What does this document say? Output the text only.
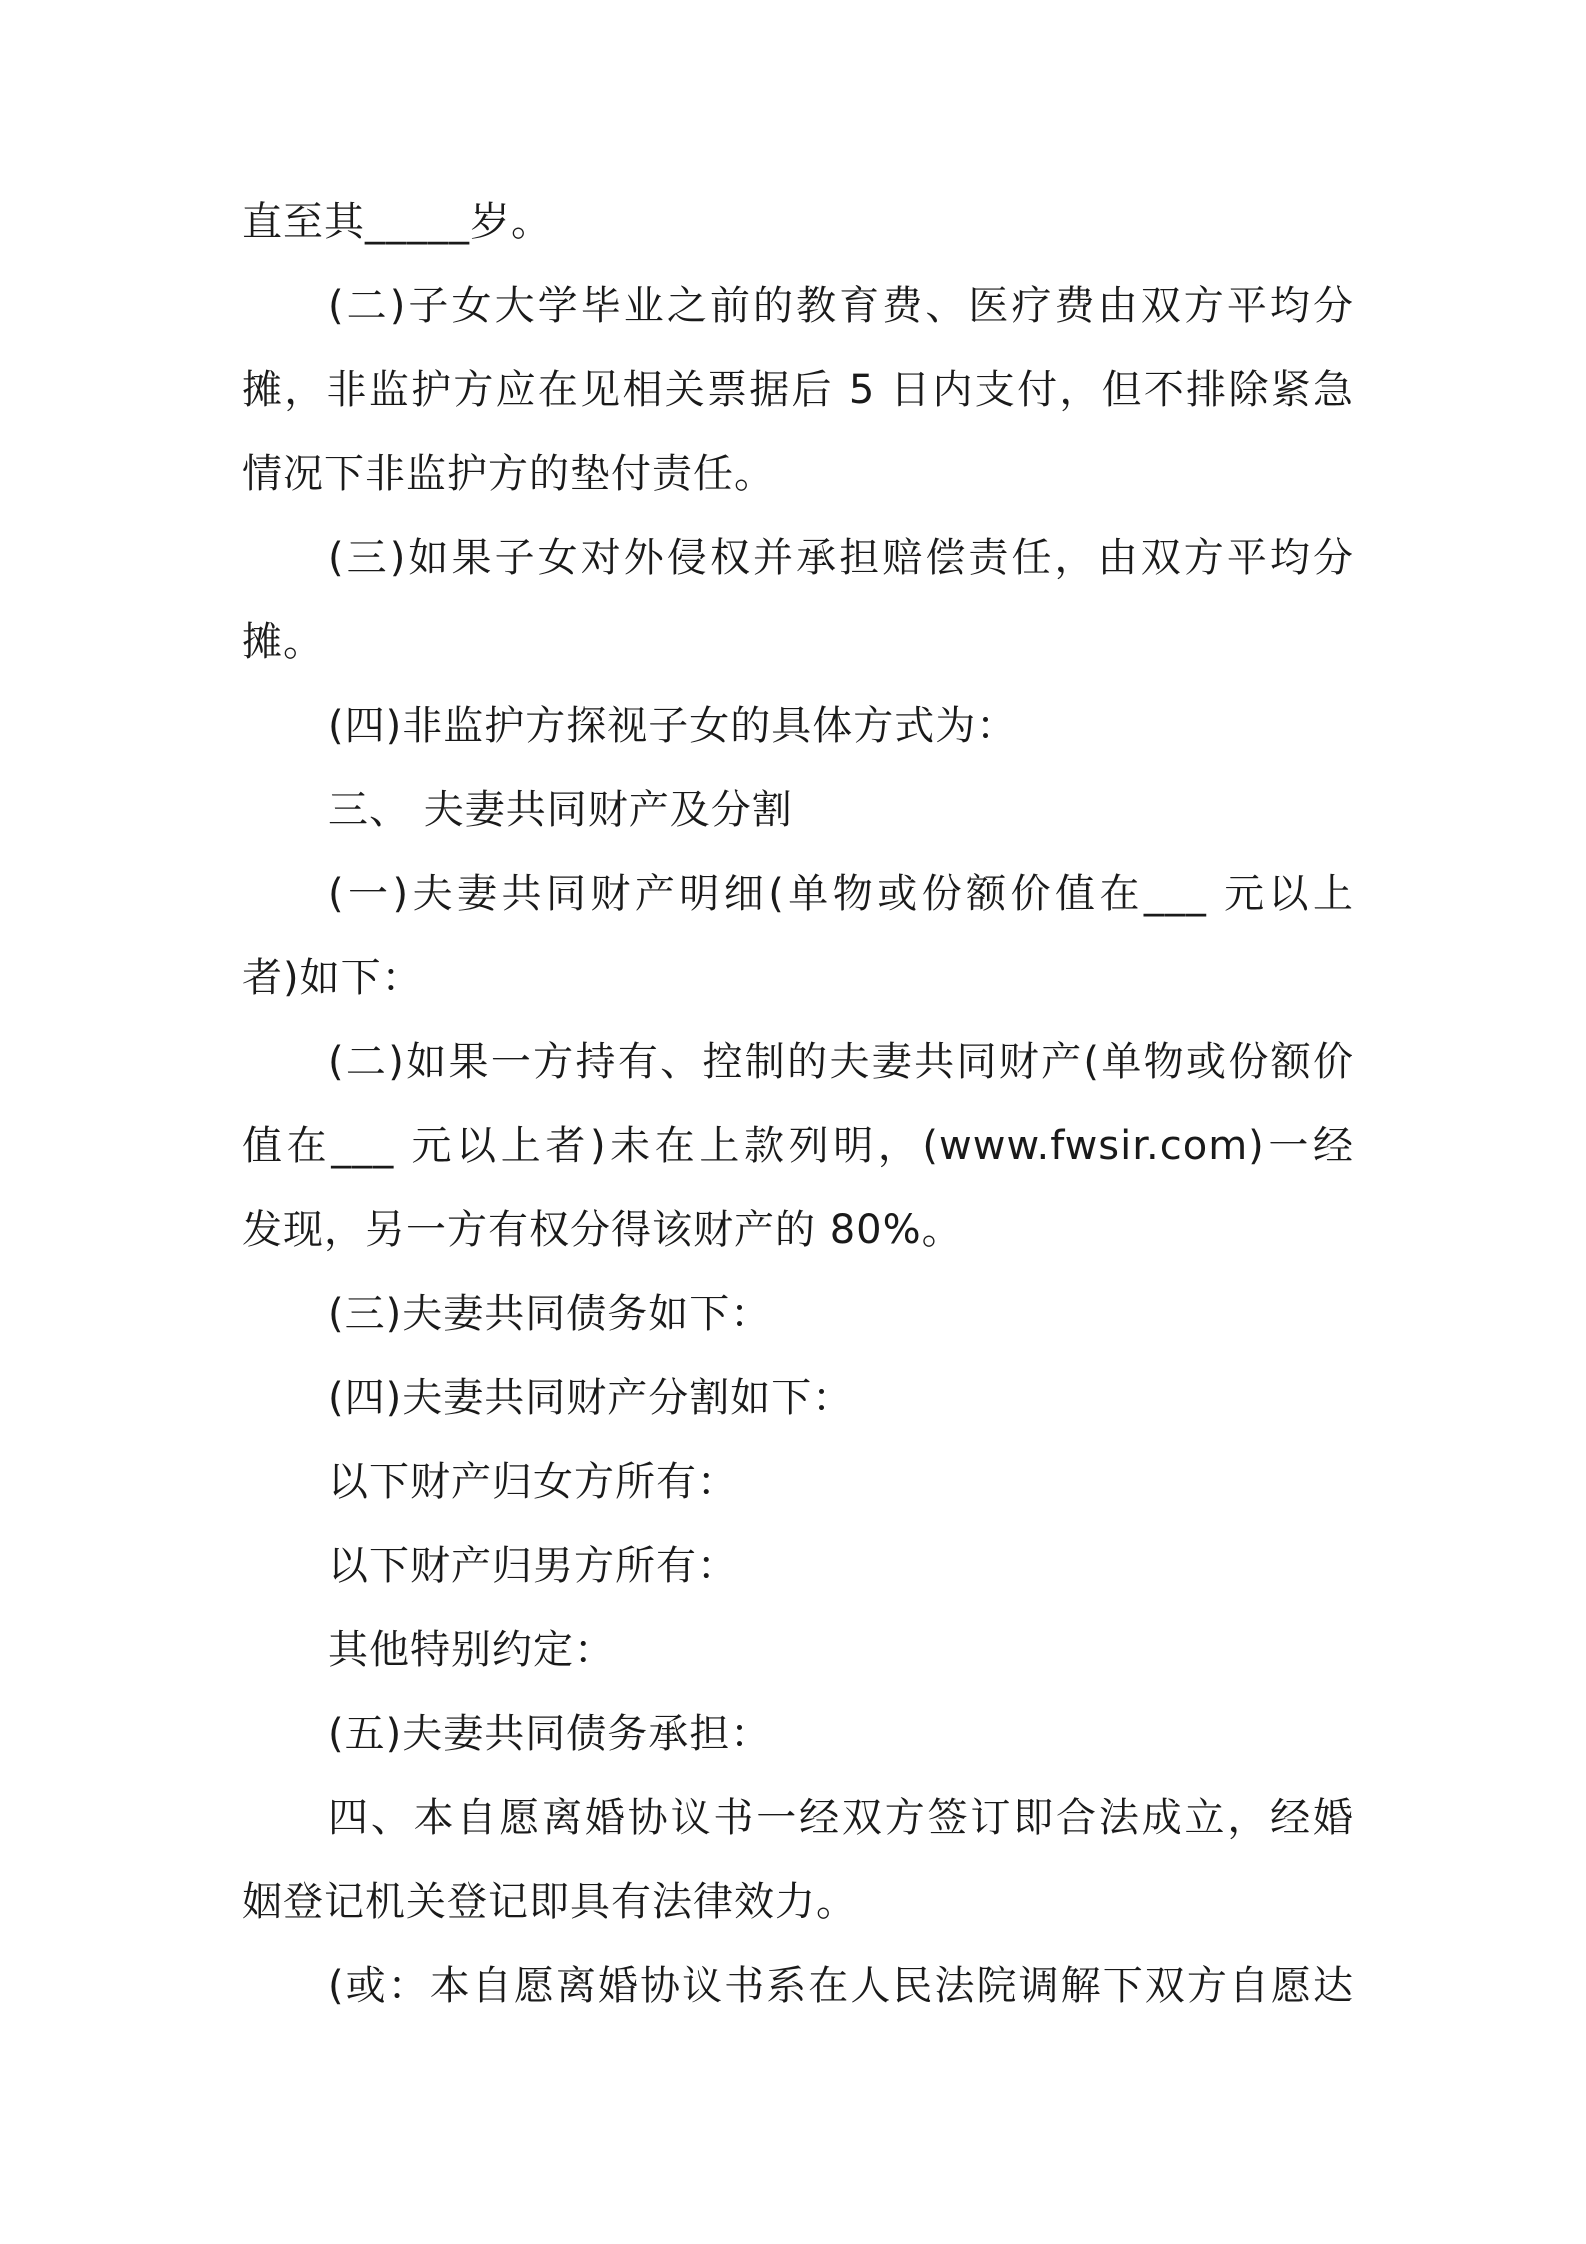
直至其_____岁。
(二)子女大学毕业之前的教育费、医疗费由双方平均分
摊，非监护方应在见相关票据后 5 日内支付，但不排除紧急
情况下非监护方的垫付责任。
(三)如果子女对外侵权并承担赔偿责任，由双方平均分
摊。
(四)非监护方探视子女的具体方式为：
三、 夫妻共同财产及分割
(一)夫妻共同财产明细(单物或份额价值在___ 元以上
者)如下：
(二)如果一方持有、控制的夫妻共同财产(单物或份额价
值在___ 元以上者)未在上款列明，(www.fwsir.com)一经
发现，另一方有权分得该财产的 80%。
(三)夫妻共同债务如下：
(四)夫妻共同财产分割如下：
以下财产归女方所有：
以下财产归男方所有：
其他特别约定：
(五)夫妻共同债务承担：
四、本自愿离婚协议书一经双方签订即合法成立，经婚
姻登记机关登记即具有法律效力。
(或：本自愿离婚协议书系在人民法院调解下双方自愿达
